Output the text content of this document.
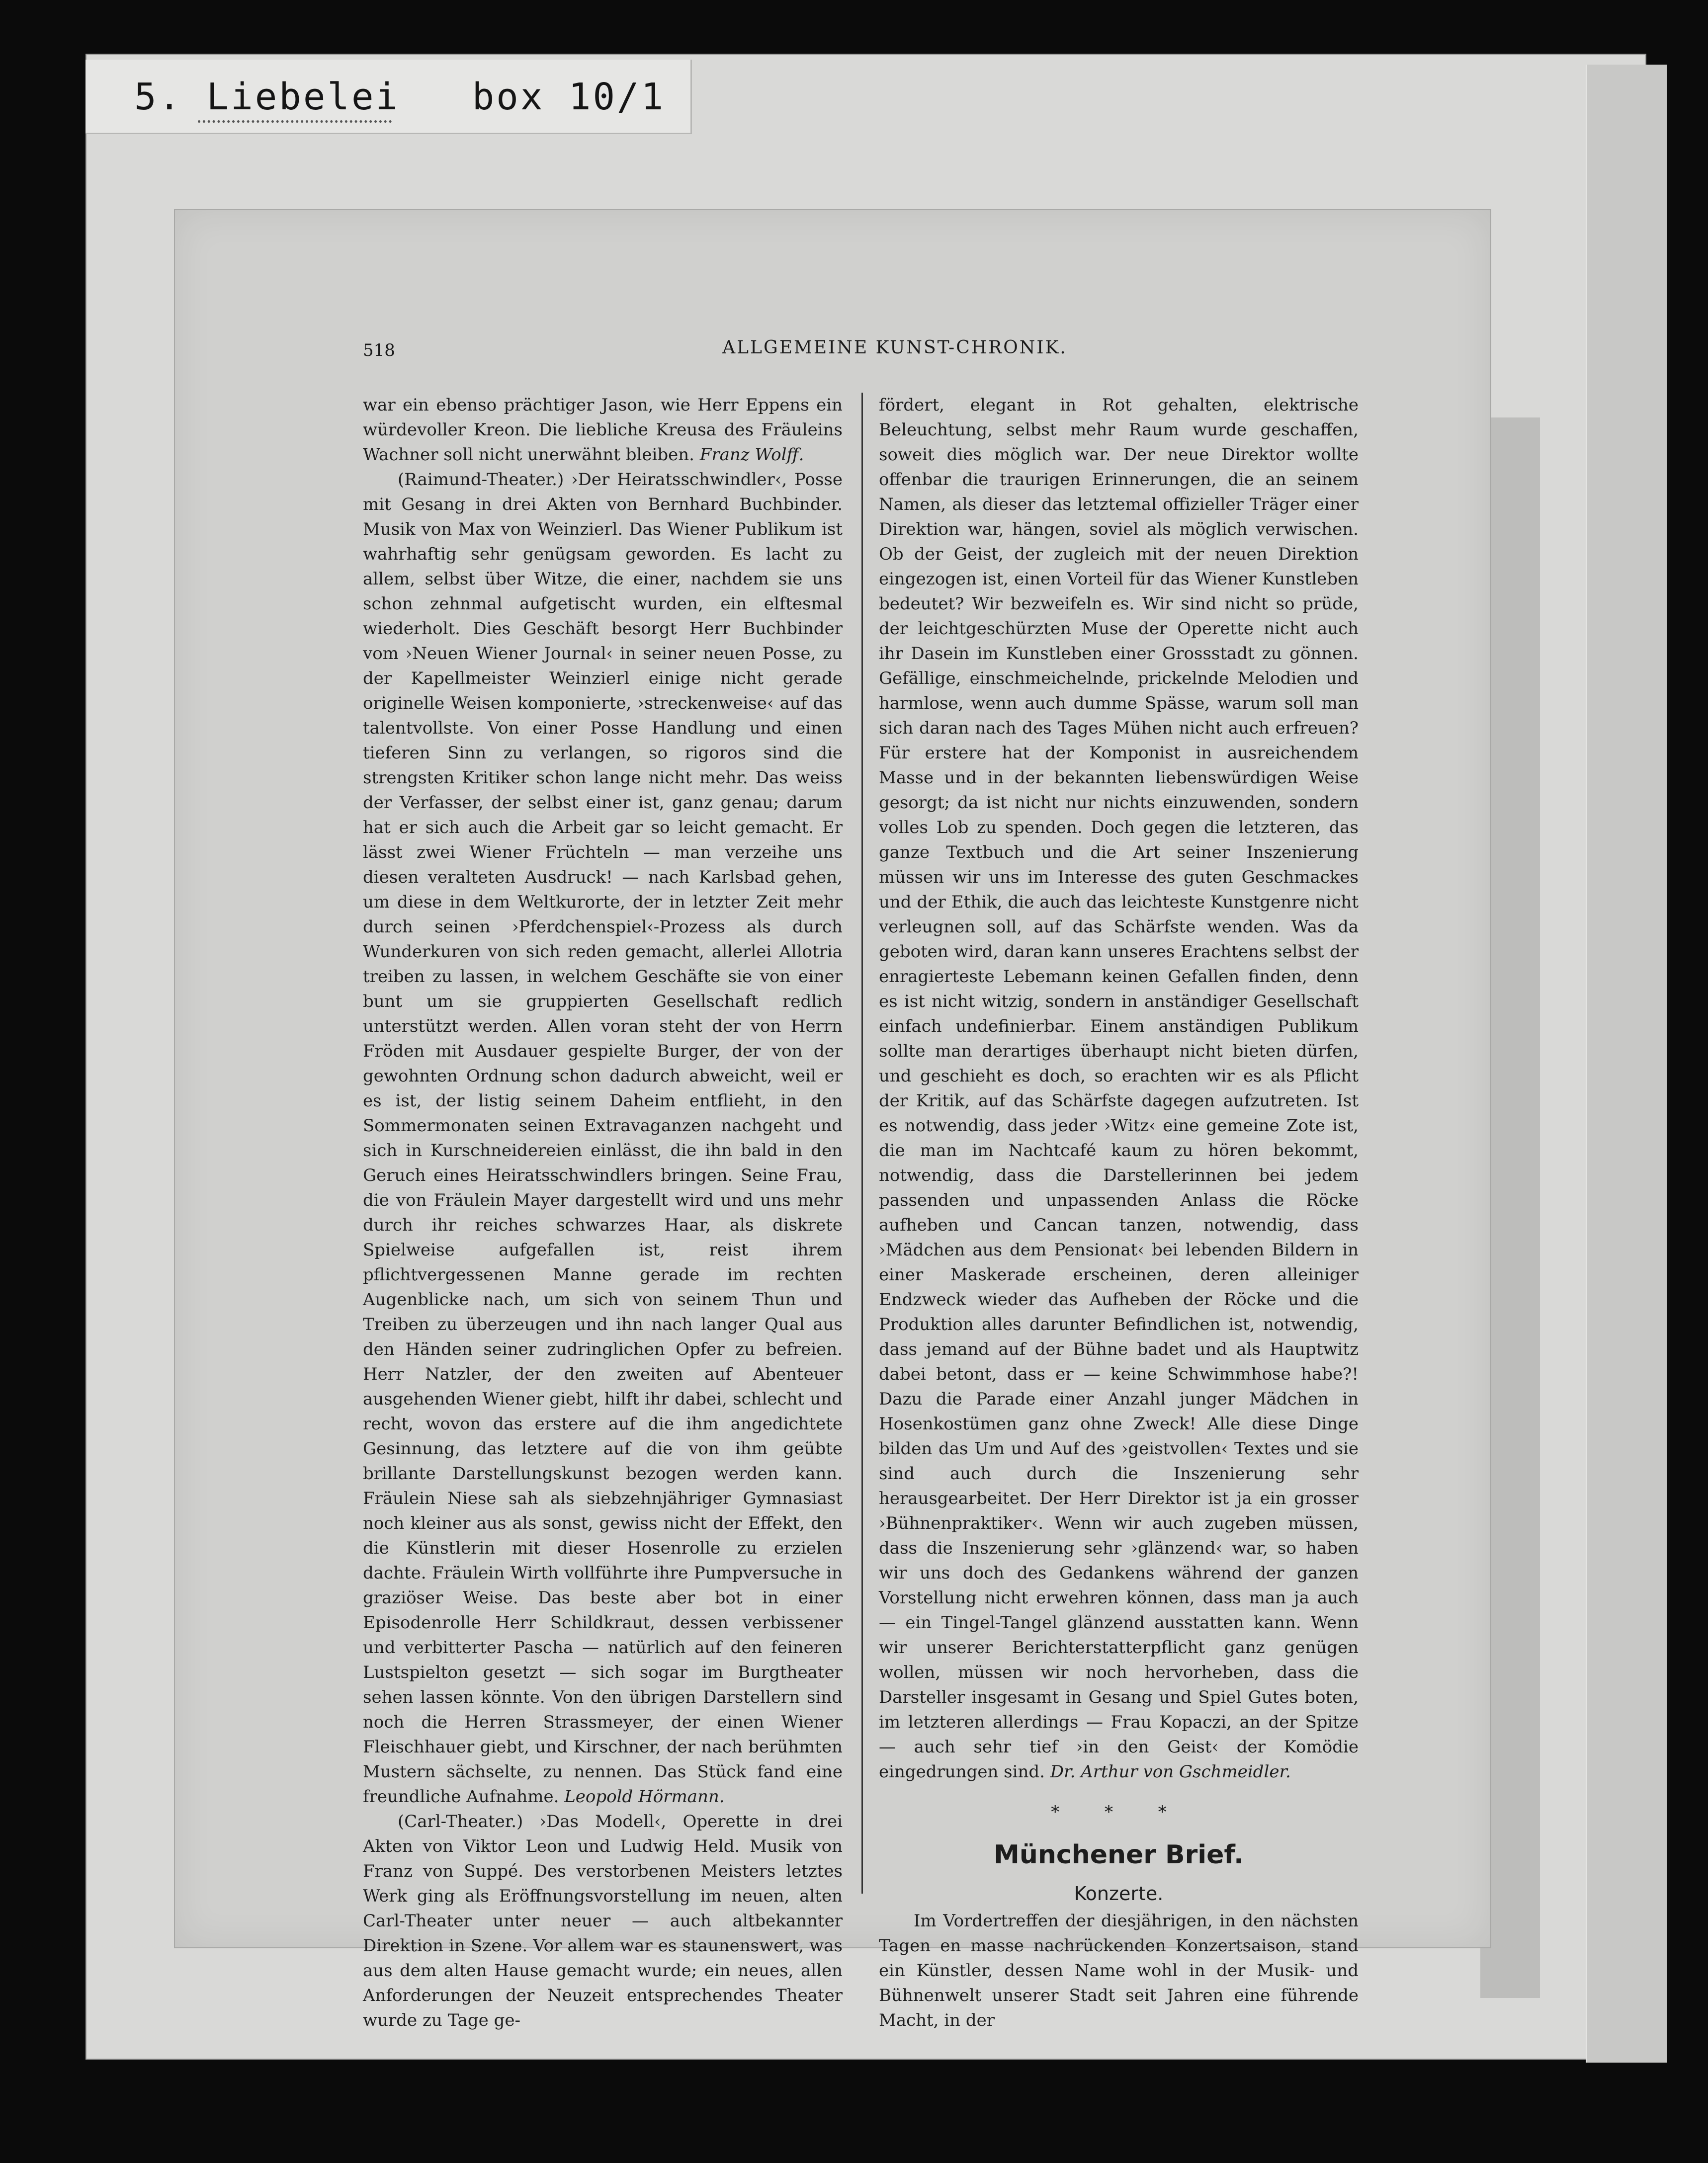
5. Liebelei   box 10/1
518	ALLGEMEINE KUNST-CHRONIK.

war ein ebenso prächtiger Jason, wie Herr Eppens ein würdevoller Kreon. Die liebliche Kreusa des Fräuleins Wachner soll nicht unerwähnt bleiben. Franz Wolff.

(Raimund-Theater.) ›Der Heiratsschwindler‹, Posse mit Gesang in drei Akten von Bernhard Buchbinder. Musik von Max von Weinzierl. Das Wiener Publikum ist wahrhaftig sehr genügsam geworden. Es lacht zu allem, selbst über Witze, die einer, nachdem sie uns schon zehnmal aufgetischt wurden, ein elftesmal wiederholt. Dies Geschäft besorgt Herr Buchbinder vom ›Neuen Wiener Journal‹ in seiner neuen Posse, zu der Kapellmeister Weinzierl einige nicht gerade originelle Weisen komponierte, ›streckenweise‹ auf das talentvollste. Von einer Posse Handlung und einen tieferen Sinn zu verlangen, so rigoros sind die strengsten Kritiker schon lange nicht mehr. Das weiss der Verfasser, der selbst einer ist, ganz genau; darum hat er sich auch die Arbeit gar so leicht gemacht. Er lässt zwei Wiener Früchteln — man verzeihe uns diesen veralteten Ausdruck! — nach Karlsbad gehen, um diese in dem Weltkurorte, der in letzter Zeit mehr durch seinen ›Pferdchenspiel‹-Prozess als durch Wunderkuren von sich reden gemacht, allerlei Allotria treiben zu lassen, in welchem Geschäfte sie von einer bunt um sie gruppierten Gesellschaft redlich unterstützt werden. Allen voran steht der von Herrn Fröden mit Ausdauer gespielte Burger, der von der gewohnten Ordnung schon dadurch abweicht, weil er es ist, der listig seinem Daheim entflieht, in den Sommermonaten seinen Extravaganzen nachgeht und sich in Kurschneidereien einlässt, die ihn bald in den Geruch eines Heiratsschwindlers bringen. Seine Frau, die von Fräulein Mayer dargestellt wird und uns mehr durch ihr reiches schwarzes Haar, als diskrete Spielweise aufgefallen ist, reist ihrem pflichtvergessenen Manne gerade im rechten Augenblicke nach, um sich von seinem Thun und Treiben zu überzeugen und ihn nach langer Qual aus den Händen seiner zudringlichen Opfer zu befreien. Herr Natzler, der den zweiten auf Abenteuer ausgehenden Wiener giebt, hilft ihr dabei, schlecht und recht, wovon das erstere auf die ihm angedichtete Gesinnung, das letztere auf die von ihm geübte brillante Darstellungskunst bezogen werden kann. Fräulein Niese sah als siebzehnjähriger Gymnasiast noch kleiner aus als sonst, gewiss nicht der Effekt, den die Künstlerin mit dieser Hosenrolle zu erzielen dachte. Fräulein Wirth vollführte ihre Pumpversuche in graziöser Weise. Das beste aber bot in einer Episodenrolle Herr Schildkraut, dessen verbissener und verbitterter Pascha — natürlich auf den feineren Lustspielton gesetzt — sich sogar im Burgtheater sehen lassen könnte. Von den übrigen Darstellern sind noch die Herren Strassmeyer, der einen Wiener Fleischhauer giebt, und Kirschner, der nach berühmten Mustern sächselte, zu nennen. Das Stück fand eine freundliche Aufnahme. Leopold Hörmann.

(Carl-Theater.) ›Das Modell‹, Operette in drei Akten von Viktor Leon und Ludwig Held. Musik von Franz von Suppé. Des verstorbenen Meisters letztes Werk ging als Eröffnungsvorstellung im neuen, alten Carl-Theater unter neuer — auch altbekannter Direktion in Szene. Vor allem war es staunenswert, was aus dem alten Hause gemacht wurde; ein neues, allen Anforderungen der Neuzeit entsprechendes Theater wurde zu Tage ge-

fördert, elegant in Rot gehalten, elektrische Beleuchtung, selbst mehr Raum wurde geschaffen, soweit dies möglich war. Der neue Direktor wollte offenbar die traurigen Erinnerungen, die an seinem Namen, als dieser das letztemal offizieller Träger einer Direktion war, hängen, soviel als möglich verwischen. Ob der Geist, der zugleich mit der neuen Direktion eingezogen ist, einen Vorteil für das Wiener Kunstleben bedeutet? Wir bezweifeln es. Wir sind nicht so prüde, der leichtgeschürzten Muse der Operette nicht auch ihr Dasein im Kunstleben einer Grossstadt zu gönnen. Gefällige, einschmeichelnde, prickelnde Melodien und harmlose, wenn auch dumme Spässe, warum soll man sich daran nach des Tages Mühen nicht auch erfreuen? Für erstere hat der Komponist in ausreichendem Masse und in der bekannten liebenswürdigen Weise gesorgt; da ist nicht nur nichts einzuwenden, sondern volles Lob zu spenden. Doch gegen die letzteren, das ganze Textbuch und die Art seiner Inszenierung müssen wir uns im Interesse des guten Geschmackes und der Ethik, die auch das leichteste Kunstgenre nicht verleugnen soll, auf das Schärfste wenden. Was da geboten wird, daran kann unseres Erachtens selbst der enragierteste Lebemann keinen Gefallen finden, denn es ist nicht witzig, sondern in anständiger Gesellschaft einfach undefinierbar. Einem anständigen Publikum sollte man derartiges überhaupt nicht bieten dürfen, und geschieht es doch, so erachten wir es als Pflicht der Kritik, auf das Schärfste dagegen aufzutreten. Ist es notwendig, dass jeder ›Witz‹ eine gemeine Zote ist, die man im Nachtcafé kaum zu hören bekommt, notwendig, dass die Darstellerinnen bei jedem passenden und unpassenden Anlass die Röcke aufheben und Cancan tanzen, notwendig, dass ›Mädchen aus dem Pensionat‹ bei lebenden Bildern in einer Maskerade erscheinen, deren alleiniger Endzweck wieder das Aufheben der Röcke und die Produktion alles darunter Befindlichen ist, notwendig, dass jemand auf der Bühne badet und als Hauptwitz dabei betont, dass er — keine Schwimmhose habe?! Dazu die Parade einer Anzahl junger Mädchen in Hosenkostümen ganz ohne Zweck! Alle diese Dinge bilden das Um und Auf des ›geistvollen‹ Textes und sie sind auch durch die Inszenierung sehr herausgearbeitet. Der Herr Direktor ist ja ein grosser ›Bühnenpraktiker‹. Wenn wir auch zugeben müssen, dass die Inszenierung sehr ›glänzend‹ war, so haben wir uns doch des Gedankens während der ganzen Vorstellung nicht erwehren können, dass man ja auch — ein Tingel-Tangel glänzend ausstatten kann. Wenn wir unserer Berichterstatterpflicht ganz genügen wollen, müssen wir noch hervorheben, dass die Darsteller insgesamt in Gesang und Spiel Gutes boten, im letzteren allerdings — Frau Kopaczi, an der Spitze — auch sehr tief ›in den Geist‹ der Komödie eingedrungen sind. Dr. Arthur von Gschmeidler.

* * *
Münchener Brief.
Konzerte.

Im Vordertreffen der diesjährigen, in den nächsten Tagen en masse nachrückenden Konzertsaison, stand ein Künstler, dessen Name wohl in der Musik- und Bühnenwelt unserer Stadt seit Jahren eine führende Macht, in der
